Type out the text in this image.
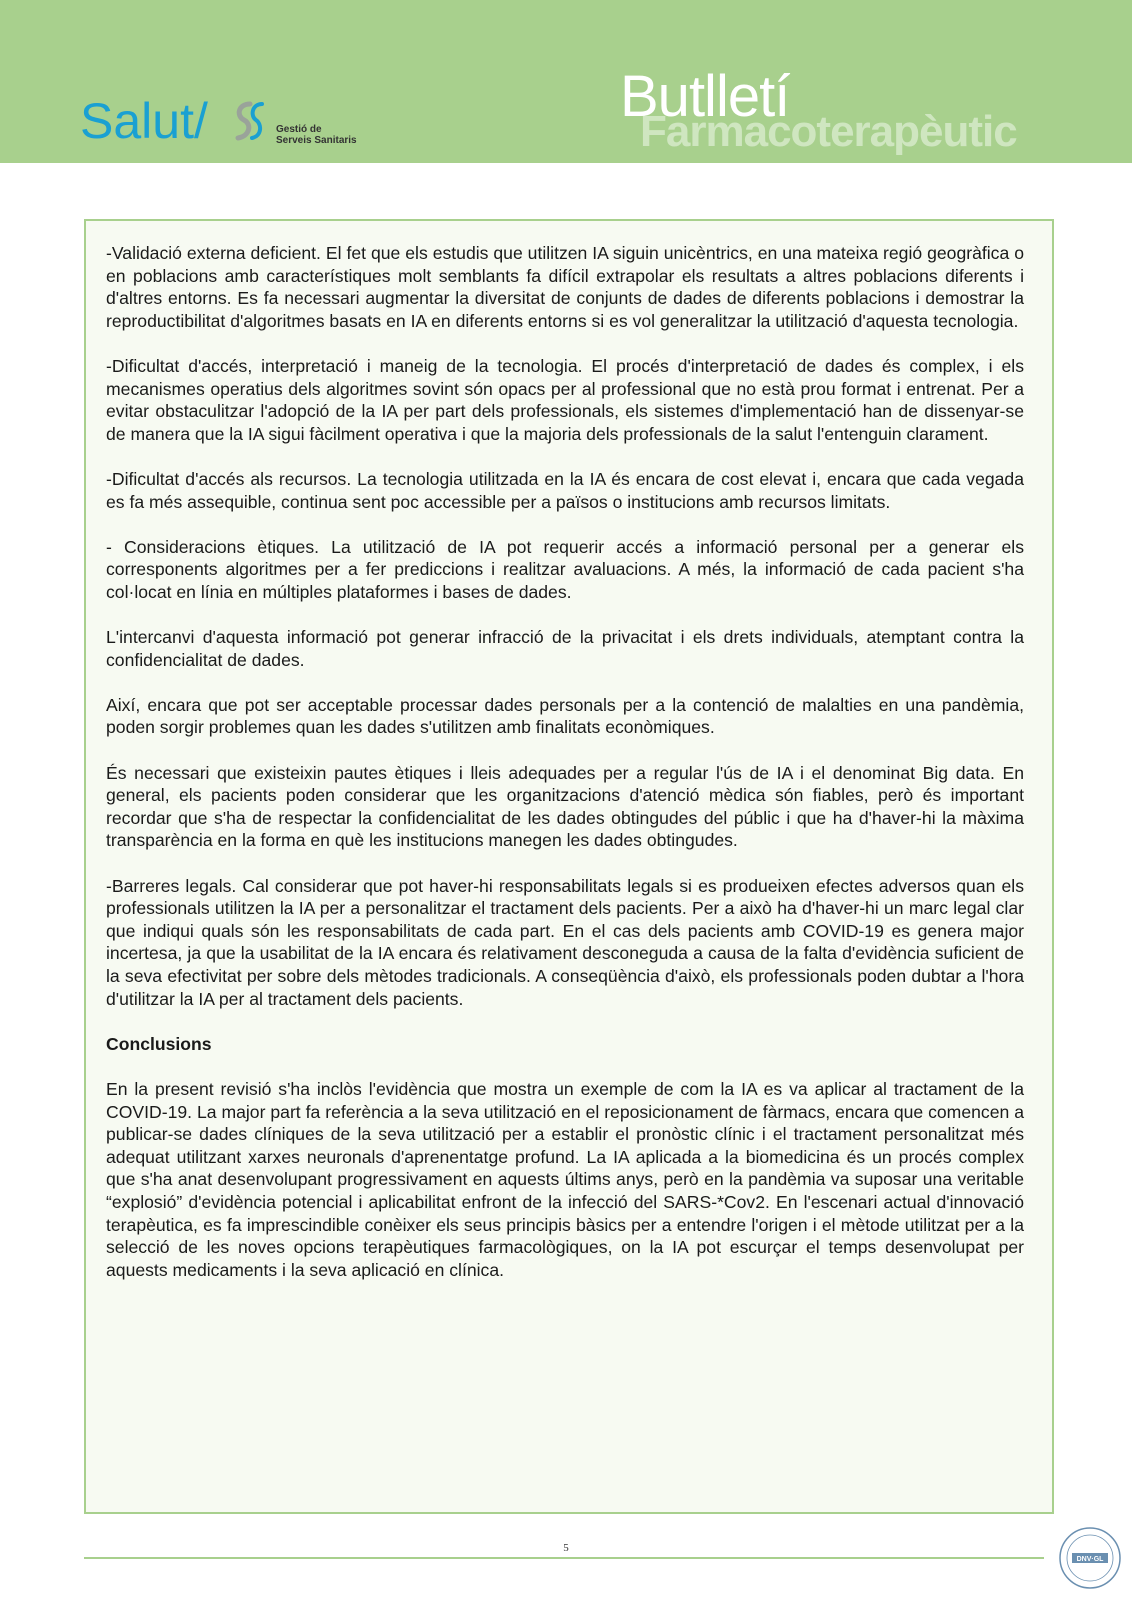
Salut/	Gestió de
Serveis Sanitaris
Butlletí
Farmacoterapèutic

-Validació externa deficient. El fet que els estudis que utilitzen IA siguin unicèntrics, en una mateixa regió geogràfica o en poblacions amb característiques molt semblants fa difícil extrapolar els resultats a altres poblacions diferents i d'altres entorns. Es fa necessari augmentar la diversitat de conjunts de dades de diferents poblacions i demostrar la reproductibilitat d'algoritmes basats en IA en diferents entorns si es vol generalitzar la utilització d'aquesta tecnologia.

-Dificultat d'accés, interpretació i maneig de la tecnologia. El procés d'interpretació de dades és complex, i els mecanismes operatius dels algoritmes sovint són opacs per al professional que no està prou format i entrenat. Per a evitar obstaculitzar l'adopció de la IA per part dels professionals, els sistemes d'implementació han de dissenyar-se de manera que la IA sigui fàcilment operativa i que la majoria dels professionals de la salut l'entenguin clarament.

-Dificultat d'accés als recursos. La tecnologia utilitzada en la IA és encara de cost elevat i, encara que cada vegada es fa més assequible, continua sent poc accessible per a països o institucions amb recursos limitats.

- Consideracions ètiques. La utilització de IA pot requerir accés a informació personal per a generar els corresponents algoritmes per a fer prediccions i realitzar avaluacions. A més, la informació de cada pacient s'ha col·locat en línia en múltiples plataformes i bases de dades.

L'intercanvi d'aquesta informació pot generar infracció de la privacitat i els drets individuals, atemptant contra la confidencialitat de dades.

Així, encara que pot ser acceptable processar dades personals per a la contenció de malalties en una pandèmia, poden sorgir problemes quan les dades s'utilitzen amb finalitats econòmiques.

És necessari que existeixin pautes ètiques i lleis adequades per a regular l'ús de IA i el denominat Big data. En general, els pacients poden considerar que les organitzacions d'atenció mèdica són fiables, però és important recordar que s'ha de respectar la confidencialitat de les dades obtingudes del públic i que ha d'haver-hi la màxima transparència en la forma en què les institucions manegen les dades obtingudes.

-Barreres legals. Cal considerar que pot haver-hi responsabilitats legals si es produeixen efectes adversos quan els professionals utilitzen la IA per a personalitzar el tractament dels pacients. Per a això ha d'haver-hi un marc legal clar que indiqui quals són les responsabilitats de cada part. En el cas dels pacients amb COVID-19 es genera major incertesa, ja que la usabilitat de la IA encara és relativament desconeguda a causa de la falta d'evidència suficient de la seva efectivitat per sobre dels mètodes tradicionals. A conseqüència d'això, els professionals poden dubtar a l'hora d'utilitzar la IA per al tractament dels pacients.

Conclusions

En la present revisió s'ha inclòs l'evidència que mostra un exemple de com la IA es va aplicar al tractament de la COVID-19. La major part fa referència a la seva utilització en el reposicionament de fàrmacs, encara que comencen a publicar-se dades clíniques de la seva utilització per a establir el pronòstic clínic i el tractament personalitzat més adequat utilitzant xarxes neuronals d'aprenentatge profund. La IA aplicada a la biomedicina és un procés complex que s'ha anat desenvolupant progressivament en aquests últims anys, però en la pandèmia va suposar una veritable “explosió” d'evidència potencial i aplicabilitat enfront de la infecció del SARS-*Cov2. En l'escenari actual d'innovació terapèutica, es fa imprescindible conèixer els seus principis bàsics per a entendre l'origen i el mètode utilitzat per a la selecció de les noves opcions terapèutiques farmacològiques, on la IA pot escurçar el temps desenvolupat per aquests medicaments i la seva aplicació en clínica.

5
DNV·GL
